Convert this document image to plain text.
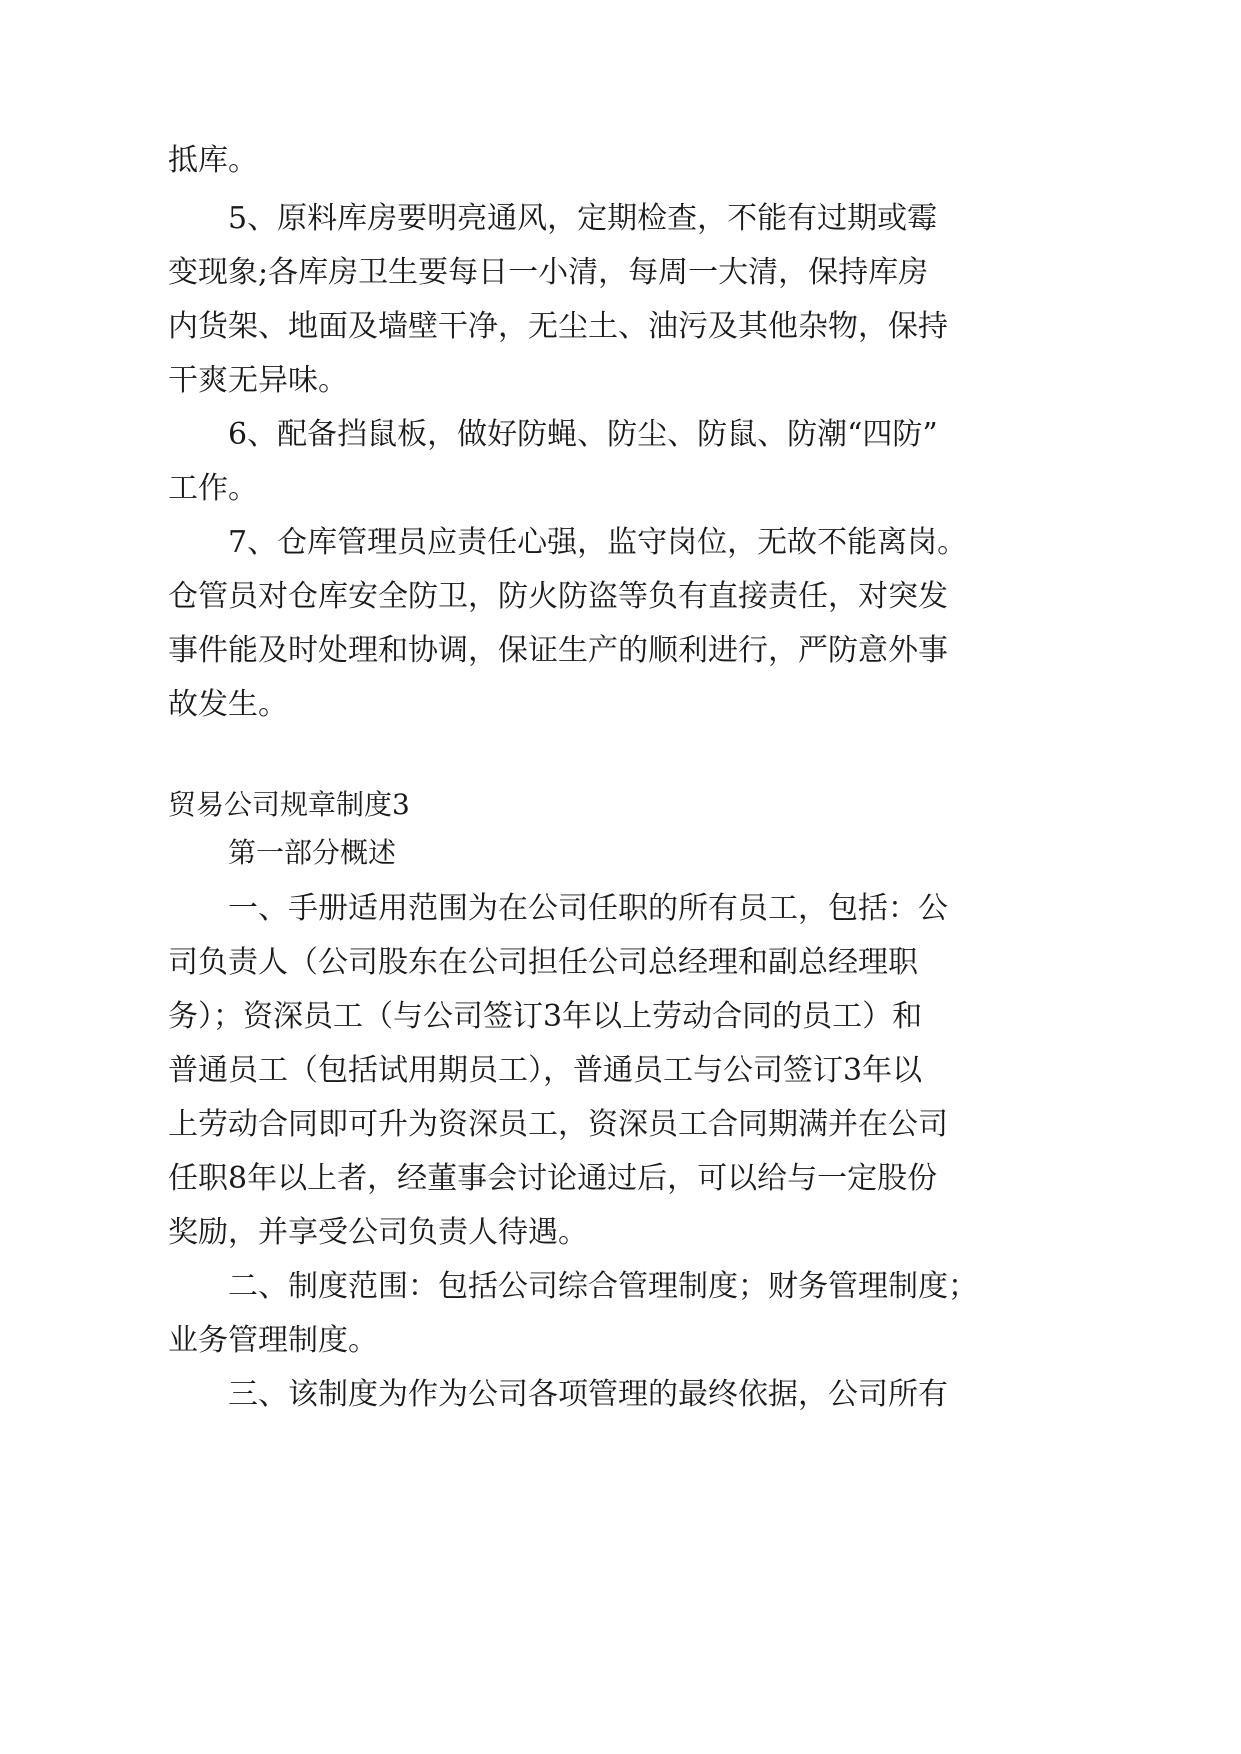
抵库。
5、原料库房要明亮通风，定期检查，不能有过期或霉
变现象;各库房卫生要每日一小清，每周一大清，保持库房
内货架、地面及墙壁干净，无尘土、油污及其他杂物，保持
干爽无异味。
6、配备挡鼠板，做好防蝇、防尘、防鼠、防潮“四防”
工作。
7、仓库管理员应责任心强，监守岗位，无故不能离岗。
仓管员对仓库安全防卫，防火防盗等负有直接责任，对突发
事件能及时处理和协调，保证生产的顺利进行，严防意外事
故发生。
贸易公司规章制度3
第一部分概述
一、手册适用范围为在公司任职的所有员工，包括：公
司负责人（公司股东在公司担任公司总经理和副总经理职
务）；资深员工（与公司签订3年以上劳动合同的员工）和
普通员工（包括试用期员工），普通员工与公司签订3年以
上劳动合同即可升为资深员工，资深员工合同期满并在公司
任职8年以上者，经董事会讨论通过后，可以给与一定股份
奖励，并享受公司负责人待遇。
二、制度范围：包括公司综合管理制度；财务管理制度；
业务管理制度。
三、该制度为作为公司各项管理的最终依据，公司所有
